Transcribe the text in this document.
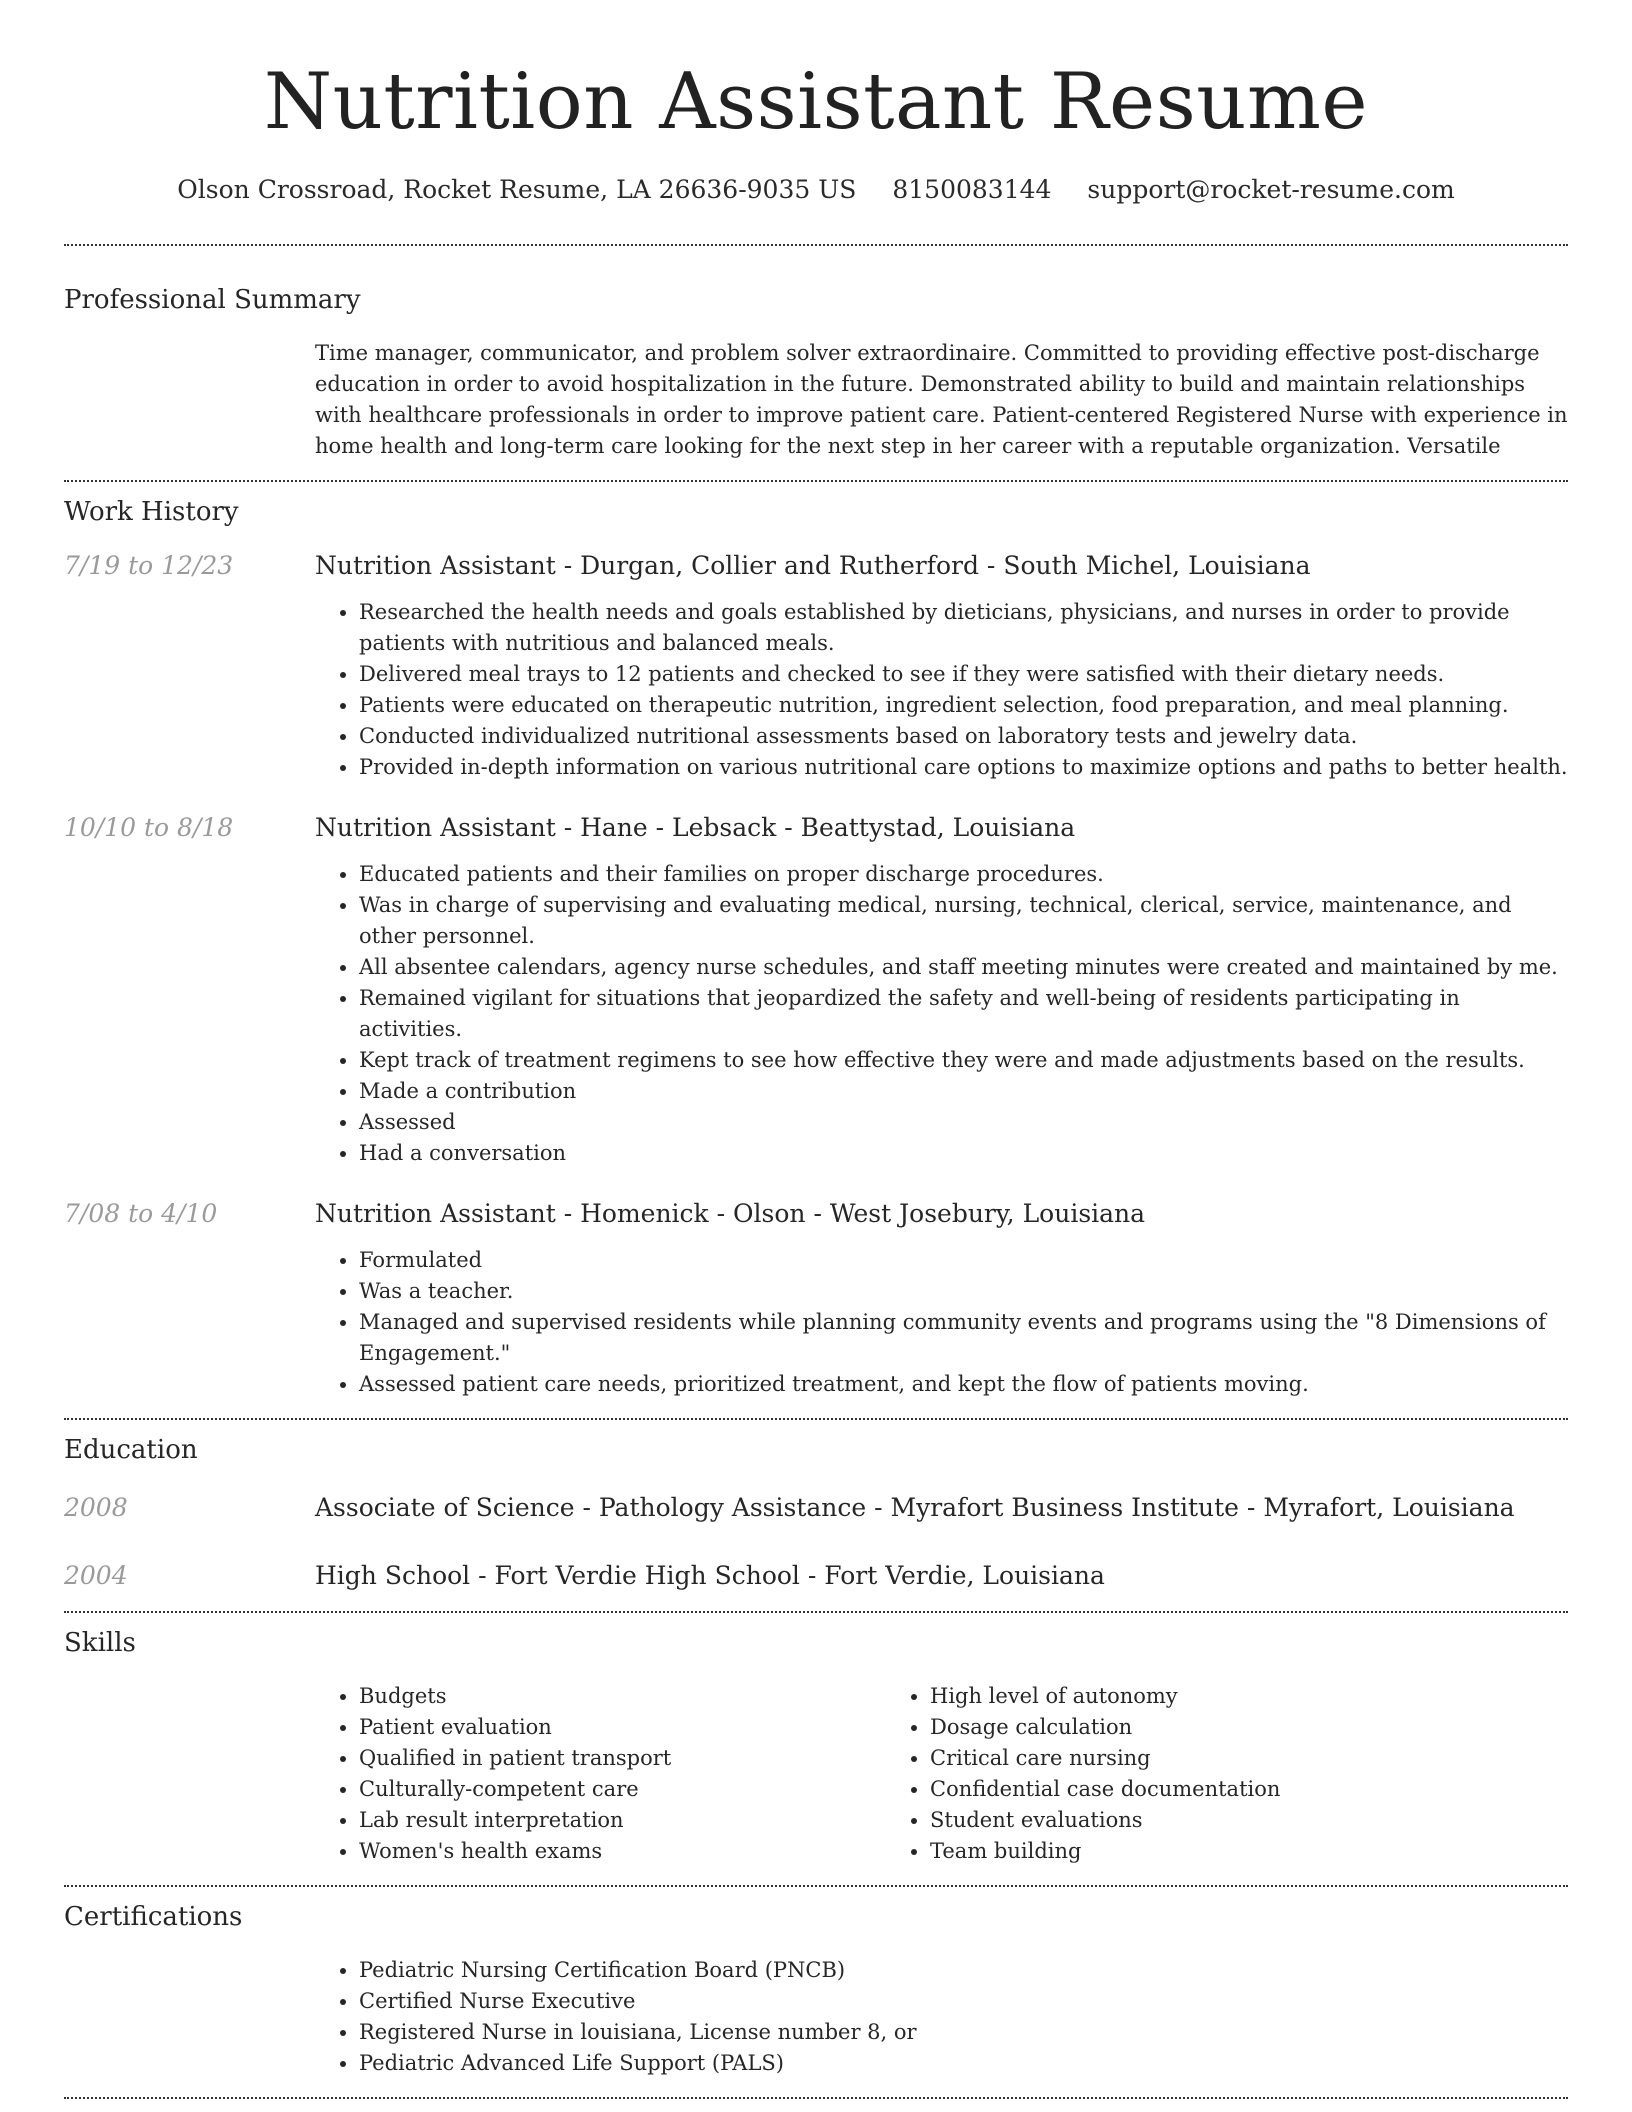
Nutrition Assistant Resume
Olson Crossroad, Rocket Resume, LA 26636-9035 US 8150083144 support@rocket-resume.com
Professional Summary
Time manager, communicator, and problem solver extraordinaire. Committed to providing effective post-discharge education in order to avoid hospitalization in the future. Demonstrated ability to build and maintain relationships with healthcare professionals in order to improve patient care. Patient-centered Registered Nurse with experience in home health and long-term care looking for the next step in her career with a reputable organization. Versatile
Work History
7/19 to 12/23	Nutrition Assistant - Durgan, Collier and Rutherford - South Michel, Louisiana
• Researched the health needs and goals established by dieticians, physicians, and nurses in order to provide patients with nutritious and balanced meals.
• Delivered meal trays to 12 patients and checked to see if they were satisfied with their dietary needs.
• Patients were educated on therapeutic nutrition, ingredient selection, food preparation, and meal planning.
• Conducted individualized nutritional assessments based on laboratory tests and jewelry data.
• Provided in-depth information on various nutritional care options to maximize options and paths to better health.
10/10 to 8/18	Nutrition Assistant - Hane - Lebsack - Beattystad, Louisiana
• Educated patients and their families on proper discharge procedures.
• Was in charge of supervising and evaluating medical, nursing, technical, clerical, service, maintenance, and other personnel.
• All absentee calendars, agency nurse schedules, and staff meeting minutes were created and maintained by me.
• Remained vigilant for situations that jeopardized the safety and well-being of residents participating in activities.
• Kept track of treatment regimens to see how effective they were and made adjustments based on the results.
• Made a contribution
• Assessed
• Had a conversation
7/08 to 4/10	Nutrition Assistant - Homenick - Olson - West Josebury, Louisiana
• Formulated
• Was a teacher.
• Managed and supervised residents while planning community events and programs using the "8 Dimensions of Engagement."
• Assessed patient care needs, prioritized treatment, and kept the flow of patients moving.
Education
2008	Associate of Science - Pathology Assistance - Myrafort Business Institute - Myrafort, Louisiana
2004	High School - Fort Verdie High School - Fort Verdie, Louisiana
Skills
• Budgets
• Patient evaluation
• Qualified in patient transport
• Culturally-competent care
• Lab result interpretation
• Women's health exams
• High level of autonomy
• Dosage calculation
• Critical care nursing
• Confidential case documentation
• Student evaluations
• Team building
Certifications
• Pediatric Nursing Certification Board (PNCB)
• Certified Nurse Executive
• Registered Nurse in louisiana, License number 8, or
• Pediatric Advanced Life Support (PALS)
